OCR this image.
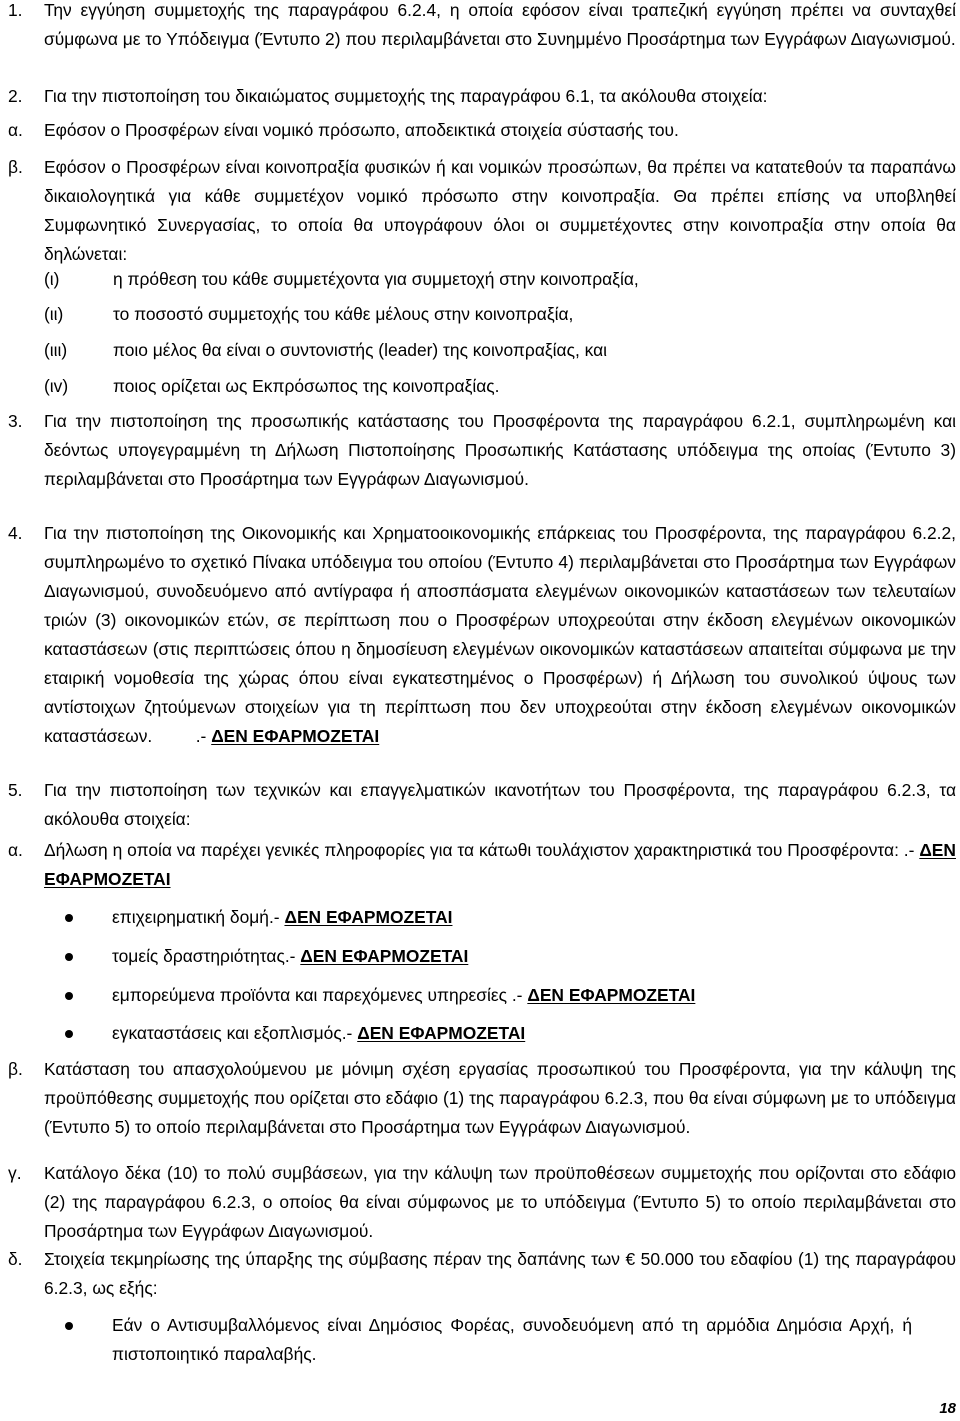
1. Την εγγύηση συμμετοχής της παραγράφου 6.2.4, η οποία εφόσον είναι τραπεζική εγγύηση πρέπει να συνταχθεί σύμφωνα με το Υπόδειγμα (Έντυπο 2) που περιλαμβάνεται στο Συνημμένο Προσάρτημα των Εγγράφων Διαγωνισμού.
2. Για την πιστοποίηση του δικαιώματος συμμετοχής της παραγράφου 6.1, τα ακόλουθα στοιχεία:
α. Εφόσον ο Προσφέρων είναι νομικό πρόσωπο, αποδεικτικά στοιχεία σύστασής του.
β. Εφόσον ο Προσφέρων είναι κοινοπραξία φυσικών ή και νομικών προσώπων, θα πρέπει να κατατεθούν τα παραπάνω δικαιολογητικά για κάθε συμμετέχον νομικό πρόσωπο στην κοινοπραξία. Θα πρέπει επίσης να υποβληθεί Συμφωνητικό Συνεργασίας, το οποία θα υπογράφουν όλοι οι συμμετέχοντες στην κοινοπραξία στην οποία θα δηλώνεται:
(ι)	η πρόθεση του κάθε συμμετέχοντα για συμμετοχή στην κοινοπραξία,
(ιι)	το ποσοστό συμμετοχής του κάθε μέλους στην κοινοπραξία,
(ιιι)	ποιο μέλος θα είναι ο συντονιστής (leader) της κοινοπραξίας, και
(ιv)	ποιος ορίζεται ως Εκπρόσωπος της κοινοπραξίας.
3. Για την πιστοποίηση της προσωπικής κατάστασης του Προσφέροντα της παραγράφου 6.2.1, συμπληρωμένη και δεόντως υπογεγραμμένη τη Δήλωση Πιστοποίησης Προσωπικής Κατάστασης υπόδειγμα της οποίας (Έντυπο 3) περιλαμβάνεται στο Προσάρτημα των Εγγράφων Διαγωνισμού.
4. Για την πιστοποίηση της Οικονομικής και Χρηματοοικονομικής επάρκειας του Προσφέροντα, της παραγράφου 6.2.2, συμπληρωμένο το σχετικό Πίνακα υπόδειγμα του οποίου (Έντυπο 4) περιλαμβάνεται στο Προσάρτημα των Εγγράφων Διαγωνισμού, συνοδευόμενο από αντίγραφα ή αποσπάσματα ελεγμένων οικονομικών καταστάσεων των τελευταίων τριών (3) οικονομικών ετών, σε περίπτωση που ο Προσφέρων υποχρεούται στην έκδοση ελεγμένων οικονομικών καταστάσεων (στις περιπτώσεις όπου η δημοσίευση ελεγμένων οικονομικών καταστάσεων απαιτείται σύμφωνα με την εταιρική νομοθεσία της χώρας όπου είναι εγκατεστημένος ο Προσφέρων) ή Δήλωση του συνολικού ύψους των αντίστοιχων ζητούμενων στοιχείων για τη περίπτωση που δεν υποχρεούται στην έκδοση ελεγμένων οικονομικών καταστάσεων.	.- ΔΕΝ ΕΦΑΡΜΟΖΕΤΑΙ
5. Για την πιστοποίηση των τεχνικών και επαγγελματικών ικανοτήτων του Προσφέροντα, της παραγράφου 6.2.3, τα ακόλουθα στοιχεία:
α. Δήλωση η οποία να παρέχει γενικές πληροφορίες για τα κάτωθι τουλάχιστον χαρακτηριστικά του Προσφέροντα: .- ΔΕΝ ΕΦΑΡΜΟΖΕΤΑΙ
επιχειρηματική δομή.- ΔΕΝ ΕΦΑΡΜΟΖΕΤΑΙ
τομείς δραστηριότητας.- ΔΕΝ ΕΦΑΡΜΟΖΕΤΑΙ
εμπορεύμενα προϊόντα και παρεχόμενες υπηρεσίες .- ΔΕΝ ΕΦΑΡΜΟΖΕΤΑΙ
εγκαταστάσεις και εξοπλισμός.- ΔΕΝ ΕΦΑΡΜΟΖΕΤΑΙ
β. Κατάσταση του απασχολούμενου με μόνιμη σχέση εργασίας προσωπικού του Προσφέροντα, για την κάλυψη της προϋπόθεσης συμμετοχής που ορίζεται στο εδάφιο (1) της παραγράφου 6.2.3, που θα είναι σύμφωνη με το υπόδειγμα (Έντυπο 5) το οποίο περιλαμβάνεται στο Προσάρτημα των Εγγράφων Διαγωνισμού.
γ. Κατάλογο δέκα (10) το πολύ συμβάσεων, για την κάλυψη των προϋποθέσεων συμμετοχής που ορίζονται στο εδάφιο (2) της παραγράφου 6.2.3, ο οποίος θα είναι σύμφωνος με το υπόδειγμα (Έντυπο 5) το οποίο περιλαμβάνεται στο Προσάρτημα των Εγγράφων Διαγωνισμού.
δ. Στοιχεία τεκμηρίωσης της ύπαρξης της σύμβασης πέραν της δαπάνης των € 50.000 του εδαφίου (1) της παραγράφου 6.2.3, ως εξής:
Εάν ο Αντισυμβαλλόμενος είναι Δημόσιος Φορέας, συνοδευόμενη από τη αρμόδια Δημόσια Αρχή, ή πιστοποιητικό παραλαβής.
18
